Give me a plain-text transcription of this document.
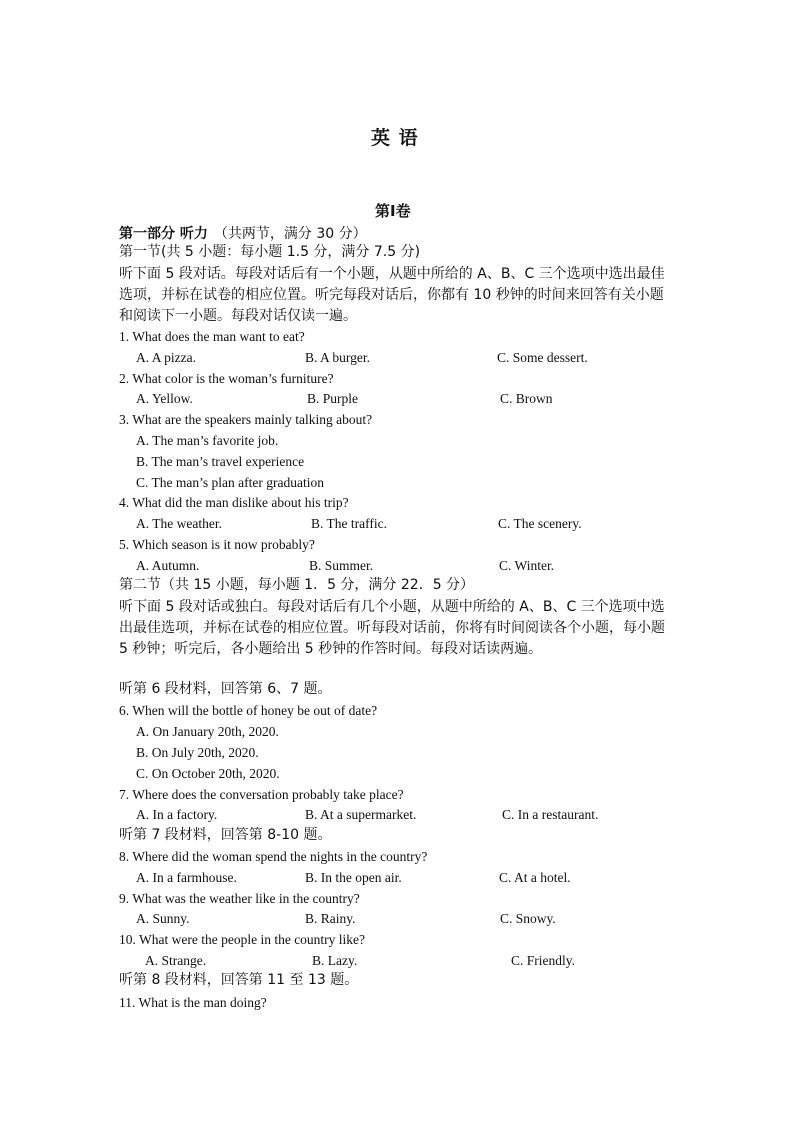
英 语
第Ⅰ卷
第一部分 听力 （共两节，满分 30 分）
第一节(共 5 小题：每小题 1.5 分，满分 7.5 分)
听下面 5 段对话。每段对话后有一个小题，从题中所给的 A、B、C 三个选项中选出最佳选项，并标在试卷的相应位置。听完每段对话后，你都有 10 秒钟的时间来回答有关小题和阅读下一小题。每段对话仅读一遍。
1. What does the man want to eat?
A. A pizza.	B. A burger.	C. Some dessert.
2. What color is the woman’s furniture?
A. Yellow.	B. Purple	C. Brown
3. What are the speakers mainly talking about?
A. The man’s favorite job.
B. The man’s travel experience
C. The man’s plan after graduation
4. What did the man dislike about his trip?
A. The weather.	B. The traffic.	C. The scenery.
5. Which season is it now probably?
A. Autumn.	B. Summer.	C. Winter.
第二节（共 15 小题，每小题 1．5 分，满分 22．5 分）
听下面 5 段对话或独白。每段对话后有几个小题，从题中所给的 A、B、C 三个选项中选出最佳选项，并标在试卷的相应位置。听每段对话前，你将有时间阅读各个小题，每小题 5 秒钟；听完后，各小题给出 5 秒钟的作答时间。每段对话读两遍。
听第 6 段材料，回答第 6、7 题。
6. When will the bottle of honey be out of date?
A. On January 20th, 2020.
B. On July 20th, 2020.
C. On October 20th, 2020.
7. Where does the conversation probably take place?
A. In a factory.	B. At a supermarket.	C. In a restaurant.
听第 7 段材料，回答第 8-10 题。
8. Where did the woman spend the nights in the country?
A. In a farmhouse.	B. In the open air.	C. At a hotel.
9. What was the weather like in the country?
A. Sunny.	B. Rainy.	C. Snowy.
10. What were the people in the country like?
A. Strange.	B. Lazy.	C. Friendly.
听第 8 段材料，回答第 11 至 13 题。
11. What is the man doing?
